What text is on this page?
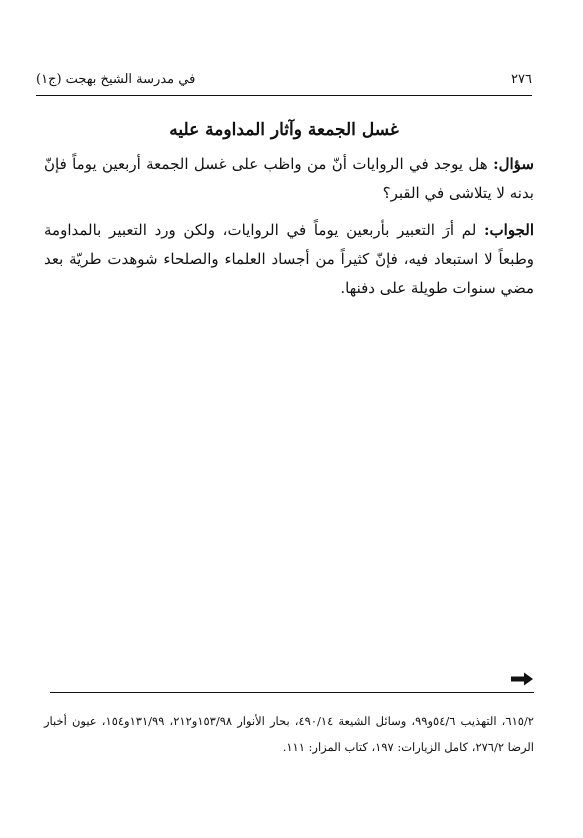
في مدرسة الشيخ بهجت (ج١)	٢٧٦
غسل الجمعة وآثار المداومة عليه

سؤال: هل يوجد في الروايات أنّ من واظب على غسل الجمعة أربعين يوماً فإنّ بدنه لا يتلاشى في القبر؟

الجواب: لم أرَ التعبير بأربعين يوماً في الروايات، ولكن ورد التعبير بالمداومة وطبعاً لا استبعاد فيه، فإنّ كثيراً من أجساد العلماء والصلحاء شوهدت طريّة بعد مضي سنوات طويلة على دفنها.

٦١٥/٢، التهذيب ٥٤/٦و٩٩، وسائل الشيعة ٤٩٠/١٤، بحار الأنوار ١٥٣/٩٨و٢١٢، ١٣١/٩٩و١٥٤، عيون أخبار الرضا ٢٧٦/٢، كامل الزيارات: ١٩٧، كتاب المزار: ١١١.
